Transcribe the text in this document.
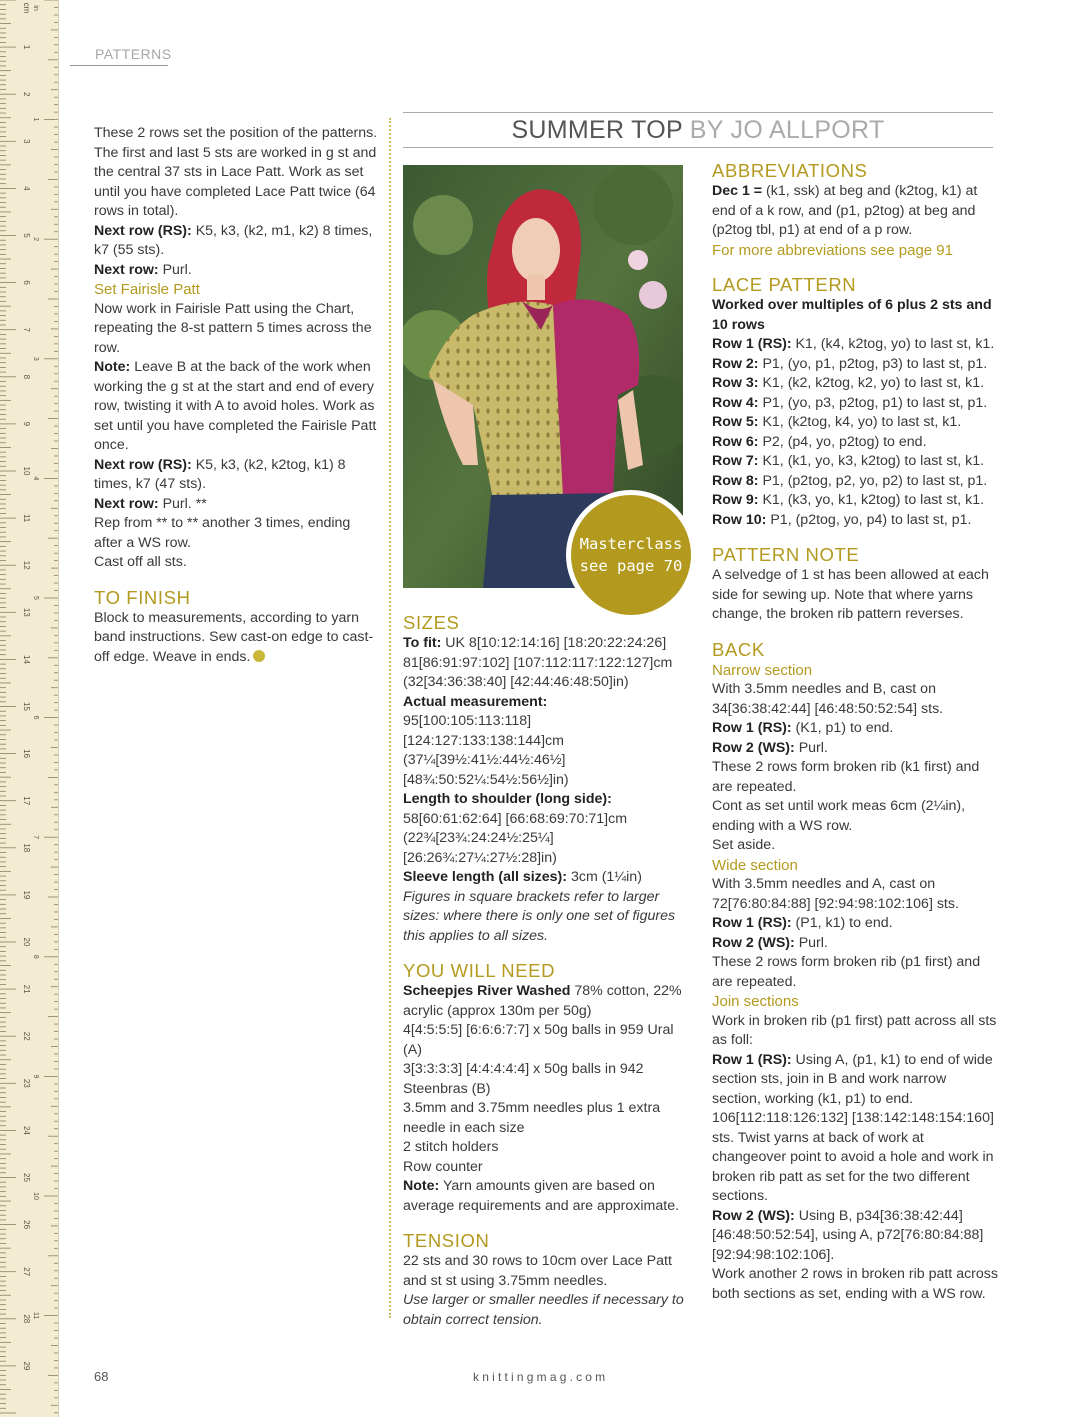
cm in
1
2
3
4
5
6
7
8
9
10
11
12
13
14
15
16
17
18
19
20
21
22
23
24
25
26
27
28
29
1
2
3
4
5
6
7
8
9
10
11
PATTERNS

These 2 rows set the position of the patterns. The first and last 5 sts are worked in g st and the central 37 sts in Lace Patt. Work as set until you have completed Lace Patt twice (64 rows in total).

Next row (RS): K5, k3, (k2, m1, k2) 8 times, k7 (55 sts).

Next row: Purl.

Set Fairisle Patt

Now work in Fairisle Patt using the Chart, repeating the 8-st pattern 5 times across the row.

Note: Leave B at the back of the work when working the g st at the start and end of every row, twisting it with A to avoid holes. Work as set until you have completed the Fairisle Patt once.

Next row (RS): K5, k3, (k2, k2tog, k1) 8 times, k7 (47 sts).

Next row: Purl. **

Rep from ** to ** another 3 times, ending after a WS row.

Cast off all sts.

TO FINISH

Block to measurements, according to yarn band instructions. Sew cast-on edge to cast-off edge. Weave in ends.

SUMMER TOP BY JO ALLPORT
Masterclass
see page 70
SIZES

To fit: UK 8[10:12:14:16] [18:20:22:24:26] 81[86:91:97:102] [107:112:117:122:127]cm (32[34:36:38:40] [42:44:46:48:50]in)

Actual measurement:

95[100:105:113:118] [124:127:133:138:144]cm (37¼[39½:41½:44½:46½] [48¾:50:52¼:54½:56½]in)

Length to shoulder (long side):

58[60:61:62:64] [66:68:69:70:71]cm (22¾[23¾:24:24½:25¼] [26:26¾:27¼:27½:28]in)

Sleeve length (all sizes): 3cm (1¼in)

Figures in square brackets refer to larger sizes: where there is only one set of figures this applies to all sizes.

YOU WILL NEED

Scheepjes River Washed 78% cotton, 22% acrylic (approx 130m per 50g)

4[4:5:5:5] [6:6:6:7:7] x 50g balls in 959 Ural (A)

3[3:3:3:3] [4:4:4:4:4] x 50g balls in 942 Steenbras (B)

3.5mm and 3.75mm needles plus 1 extra needle in each size

2 stitch holders

Row counter

Note: Yarn amounts given are based on average requirements and are approximate.

TENSION

22 sts and 30 rows to 10cm over Lace Patt and st st using 3.75mm needles.

Use larger or smaller needles if necessary to obtain correct tension.

ABBREVIATIONS

Dec 1 = (k1, ssk) at beg and (k2tog, k1) at end of a k row, and (p1, p2tog) at beg and (p2tog tbl, p1) at end of a p row.

For more abbreviations see page 91

LACE PATTERN

Worked over multiples of 6 plus 2 sts and 10 rows

Row 1 (RS): K1, (k4, k2tog, yo) to last st, k1.

Row 2: P1, (yo, p1, p2tog, p3) to last st, p1.

Row 3: K1, (k2, k2tog, k2, yo) to last st, k1.

Row 4: P1, (yo, p3, p2tog, p1) to last st, p1.

Row 5: K1, (k2tog, k4, yo) to last st, k1.

Row 6: P2, (p4, yo, p2tog) to end.

Row 7: K1, (k1, yo, k3, k2tog) to last st, k1.

Row 8: P1, (p2tog, p2, yo, p2) to last st, p1.

Row 9: K1, (k3, yo, k1, k2tog) to last st, k1.

Row 10: P1, (p2tog, yo, p4) to last st, p1.

PATTERN NOTE

A selvedge of 1 st has been allowed at each side for sewing up. Note that where yarns change, the broken rib pattern reverses.

BACK

Narrow section

With 3.5mm needles and B, cast on 34[36:38:42:44] [46:48:50:52:54] sts.

Row 1 (RS): (K1, p1) to end.

Row 2 (WS): Purl.

These 2 rows form broken rib (k1 first) and are repeated.

Cont as set until work meas 6cm (2¼in), ending with a WS row.

Set aside.

Wide section

With 3.5mm needles and A, cast on 72[76:80:84:88] [92:94:98:102:106] sts.

Row 1 (RS): (P1, k1) to end.

Row 2 (WS): Purl.

These 2 rows form broken rib (p1 first) and are repeated.

Join sections

Work in broken rib (p1 first) patt across all sts as foll:

Row 1 (RS): Using A, (p1, k1) to end of wide section sts, join in B and work narrow section, working (k1, p1) to end. 106[112:118:126:132] [138:142:148:154:160] sts. Twist yarns at back of work at changeover point to avoid a hole and work in broken rib patt as set for the two different sections.

Row 2 (WS): Using B, p34[36:38:42:44] [46:48:50:52:54], using A, p72[76:80:84:88] [92:94:98:102:106].

Work another 2 rows in broken rib patt across both sections as set, ending with a WS row.

68	knittingmag.com
